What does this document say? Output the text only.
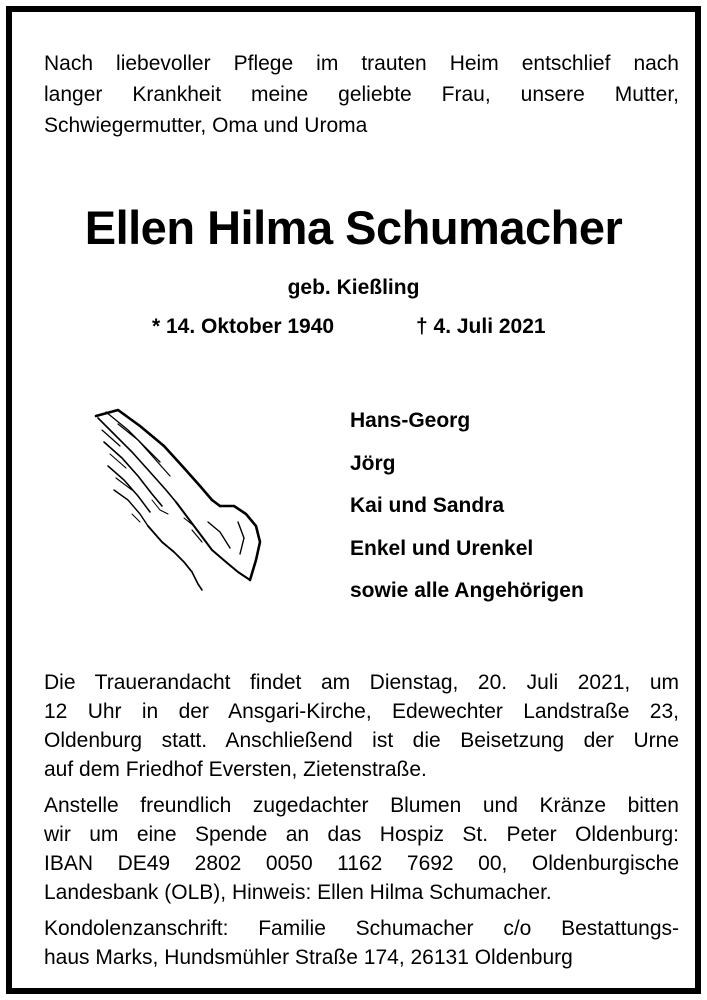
Nach liebevoller Pflege im trauten Heim entschlief nach
langer Krankheit meine geliebte Frau, unsere Mutter,
Schwiegermutter, Oma und Uroma
Ellen Hilma Schumacher
geb. Kießling
* 14. Oktober 1940	† 4. Juli 2021
Hans-Georg
Jörg
Kai und Sandra
Enkel und Urenkel
sowie alle Angehörigen
Die Trauerandacht findet am Dienstag, 20. Juli 2021, um
12 Uhr in der Ansgari-Kirche, Edewechter Landstraße 23,
Oldenburg statt. Anschließend ist die Beisetzung der Urne
auf dem Friedhof Eversten, Zietenstraße.
Anstelle freundlich zugedachter Blumen und Kränze bitten
wir um eine Spende an das Hospiz St. Peter Oldenburg:
IBAN DE49 2802 0050 1162 7692 00, Oldenburgische
Landesbank (OLB), Hinweis: Ellen Hilma Schumacher.
Kondolenzanschrift: Familie Schumacher c/o Bestattungs-
haus Marks, Hundsmühler Straße 174, 26131 Oldenburg
